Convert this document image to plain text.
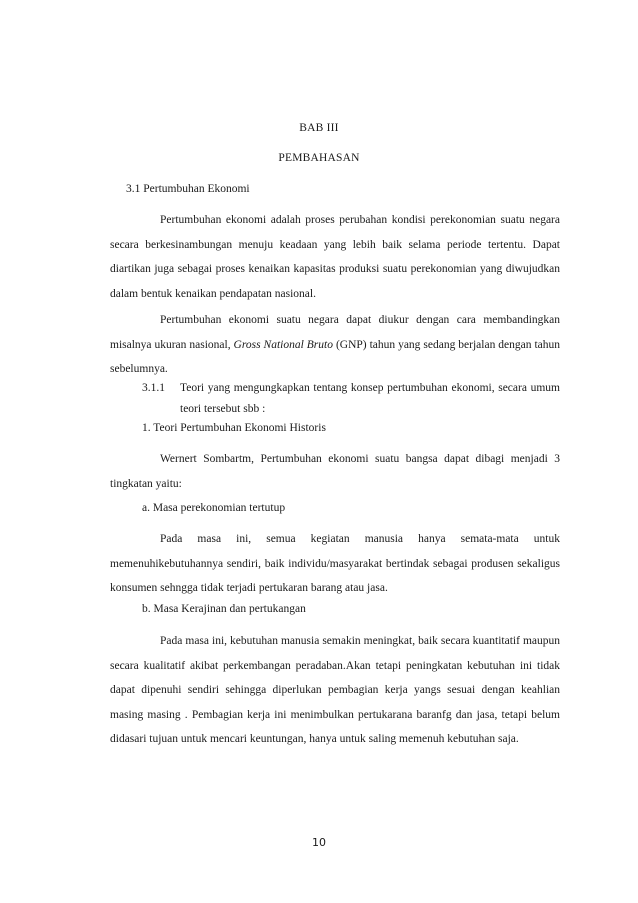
BAB III
PEMBAHASAN
3.1 Pertumbuhan Ekonomi

Pertumbuhan ekonomi adalah proses perubahan kondisi perekonomian suatu negara secara berkesinambungan menuju keadaan yang lebih baik selama periode tertentu. Dapat diartikan juga sebagai proses kenaikan kapasitas produksi suatu perekonomian yang diwujudkan dalam bentuk kenaikan pendapatan nasional.

Pertumbuhan ekonomi suatu negara dapat diukur dengan cara membandingkan misalnya ukuran nasional, Gross National Bruto (GNP) tahun yang sedang berjalan dengan tahun sebelumnya.

3.1.1 Teori yang mengungkapkan tentang konsep pertumbuhan ekonomi, secara umum teori tersebut sbb :
1. Teori Pertumbuhan Ekonomi Historis

Wernert Sombartm, Pertumbuhan ekonomi suatu bangsa dapat dibagi menjadi 3 tingkatan yaitu:

a. Masa perekonomian tertutup

Pada masa ini, semua kegiatan manusia hanya semata-mata untuk memenuhikebutuhannya sendiri, baik individu/masyarakat bertindak sebagai produsen sekaligus konsumen sehngga tidak terjadi pertukaran barang atau jasa.

b. Masa Kerajinan dan pertukangan

Pada masa ini, kebutuhan manusia semakin meningkat, baik secara kuantitatif maupun secara kualitatif akibat perkembangan peradaban.Akan tetapi peningkatan kebutuhan ini tidak dapat dipenuhi sendiri sehingga diperlukan pembagian kerja yangs sesuai dengan keahlian masing masing . Pembagian kerja ini menimbulkan pertukarana baranfg dan jasa, tetapi belum didasari tujuan untuk mencari keuntungan, hanya untuk saling memenuh kebutuhan saja.

10
